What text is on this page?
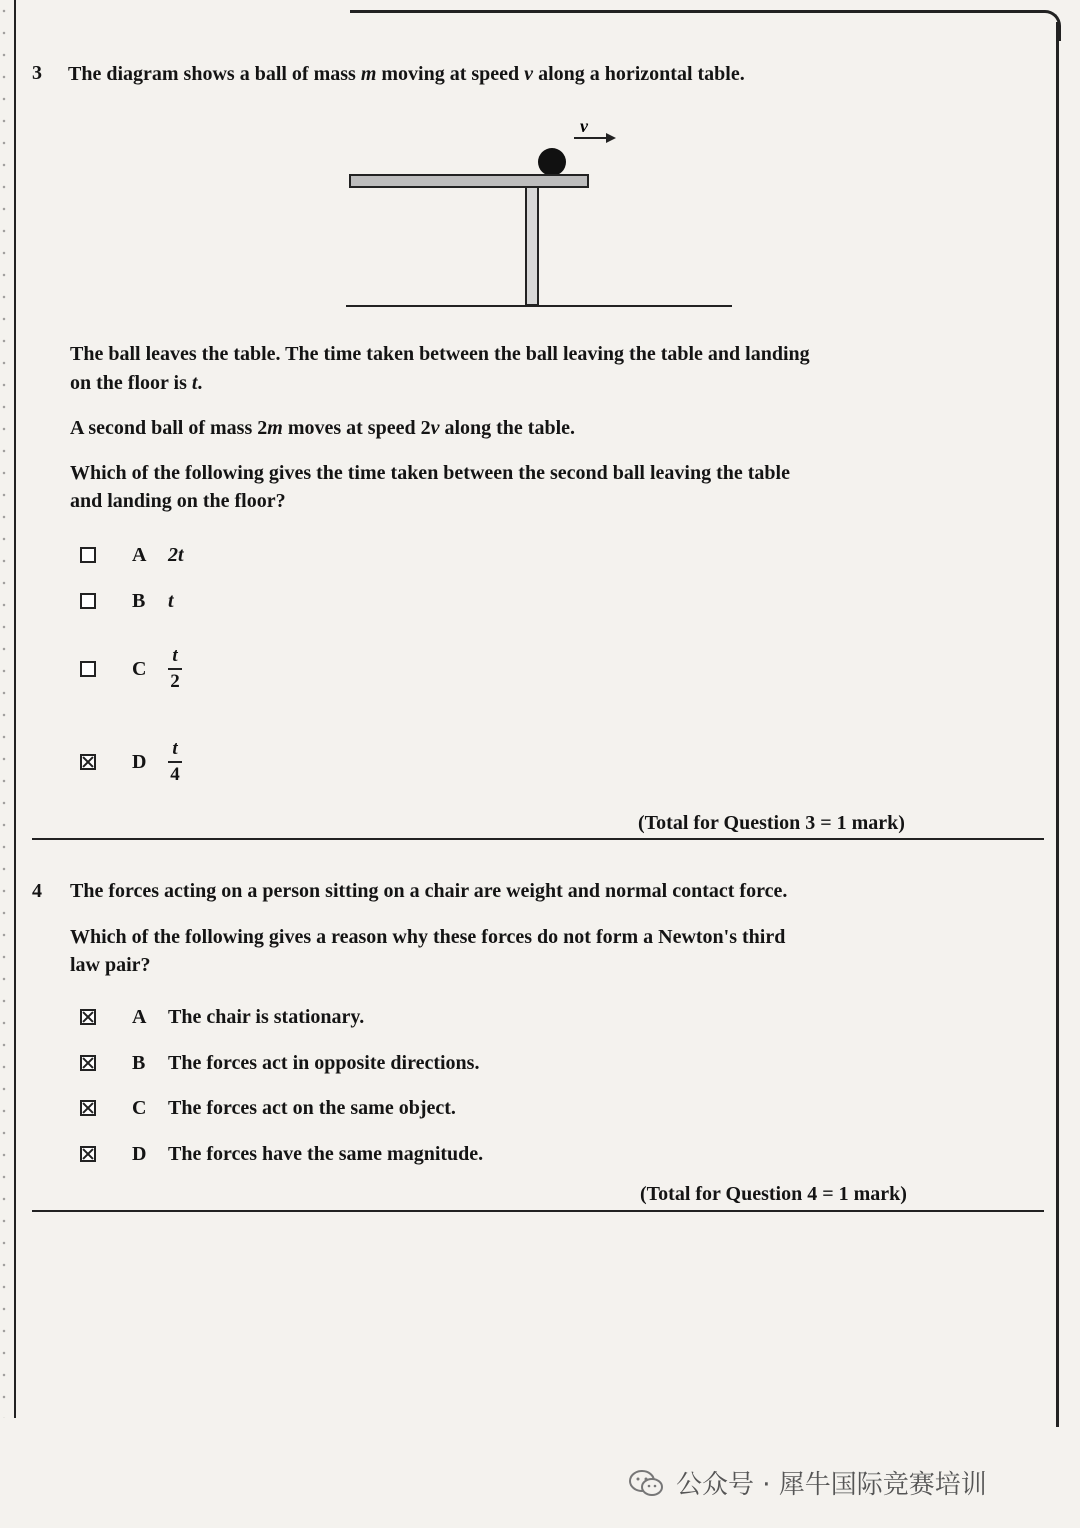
3 The diagram shows a ball of mass m moving at speed v along a horizontal table.
v
The ball leaves the table. The time taken between the ball leaving the table and landing
on the floor is t.
A second ball of mass 2m moves at speed 2v along the table.
Which of the following gives the time taken between the second ball leaving the table
and landing on the floor?
A 2t
B t
C $\frac{t}{2}$
D $\frac{t}{4}$
(Total for Question 3 = 1 mark)
4 The forces acting on a person sitting on a chair are weight and normal contact force.
Which of the following gives a reason why these forces do not form a Newton's third
law pair?
A The chair is stationary.
B The forces act in opposite directions.
C The forces act on the same object.
D The forces have the same magnitude.
(Total for Question 4 = 1 mark)
公众号 · 犀牛国际竞赛培训
